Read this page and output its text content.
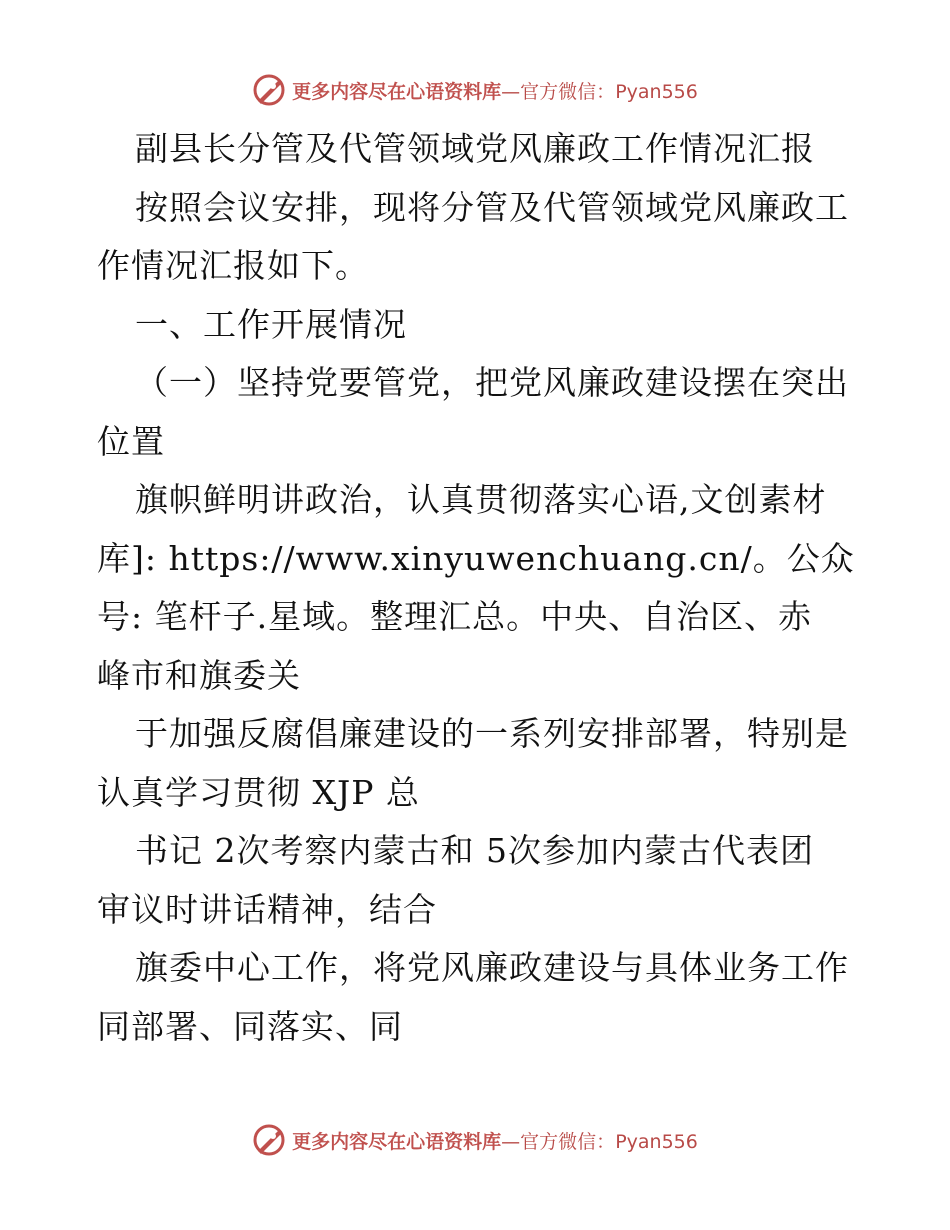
更多内容尽在心语资料库—官方微信：Pyan556
副县长分管及代管领域党风廉政工作情况汇报
按照会议安排，现将分管及代管领域党风廉政工
作情况汇报如下。
一、工作开展情况
（一）坚持党要管党，把党风廉政建设摆在突出
位置
旗帜鲜明讲政治，认真贯彻落实心语,文创素材
库]: https://www.xinyuwenchuang.cn/。公众
号: 笔杆子.星域。整理汇总。中央、自治区、赤
峰市和旗委关
于加强反腐倡廉建设的一系列安排部署，特别是
认真学习贯彻 XJP 总
书记 2次考察内蒙古和 5次参加内蒙古代表团
审议时讲话精神，结合
旗委中心工作，将党风廉政建设与具体业务工作
同部署、同落实、同
更多内容尽在心语资料库—官方微信：Pyan556
